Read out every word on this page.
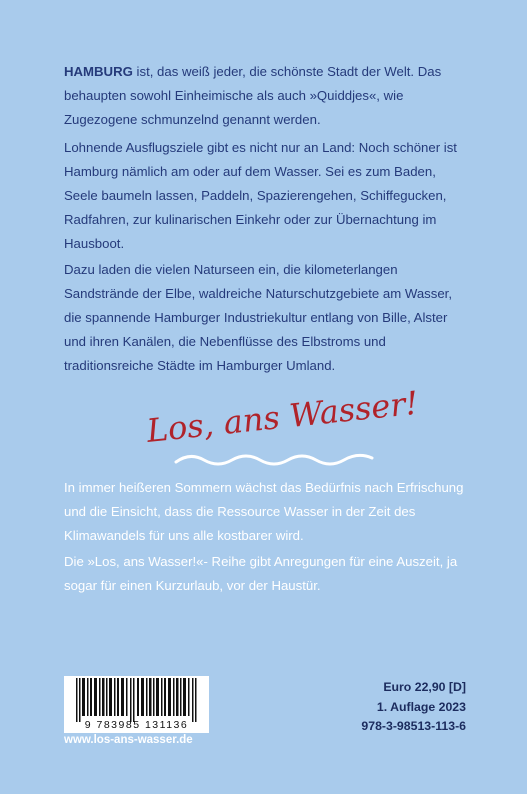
HAMBURG ist, das weiß jeder, die schönste Stadt der Welt. Das behaupten sowohl Einheimische als auch »Quiddjes«, wie Zugezogene schmunzelnd genannt werden.

Lohnende Ausflugsziele gibt es nicht nur an Land: Noch schöner ist Hamburg nämlich am oder auf dem Wasser. Sei es zum Baden, Seele baumeln lassen, Paddeln, Spazierengehen, Schiffegucken, Radfahren, zur kulinarischen Einkehr oder zur Übernachtung im Hausboot.

Dazu laden die vielen Naturseen ein, die kilometerlangen Sandstrände der Elbe, waldreiche Naturschutzgebiete am Wasser, die spannende Hamburger Industriekultur entlang von Bille, Alster und ihren Kanälen, die Nebenflüsse des Elbstroms und traditionsreiche Städte im Hamburger Umland.

Los, ans Wasser!

In immer heißeren Sommern wächst das Bedürfnis nach Erfrischung und die Einsicht, dass die Ressource Wasser in der Zeit des Klimawandels für uns alle kostbarer wird.

Die »Los, ans Wasser!«- Reihe gibt Anregungen für eine Auszeit, ja sogar für einen Kurzurlaub, vor der Haustür.

9 783985 131136
www.los-ans-wasser.de
Euro 22,90 [D]
1. Auflage 2023
978-3-98513-113-6
